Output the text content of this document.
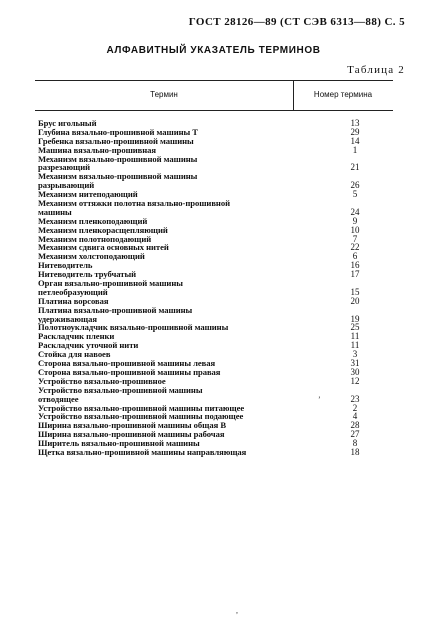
ГОСТ 28126—89 (СТ СЭВ 6313—88) С. 5
АЛФАВИТНЫЙ УКАЗАТЕЛЬ ТЕРМИНОВ
Таблица 2
Термин	Номер термина
Брус игольный	13
Глубина вязально-прошивной машины T	29
Гребенка вязально-прошивной машины	14
Машина вязально-прошивная	1
Механизм вязально-прошивной машины
разрезающий	21
Механизм вязально-прошивной машины
разрывающий	26
Механизм нитеподающий	5
Механизм оттяжки полотна вязально-прошивной
машины	24
Механизм пленкоподающий	9
Механизм пленкорасщепляющий	10
Механизм полотноподающий	7
Механизм сдвига основных нитей	22
Механизм холстоподающий	6
Нитеводитель	16
Нитеводитель трубчатый	17
Орган вязально-прошивной машины
петлеобразующий	15
Платина ворсовая	20
Платина вязально-прошивной машины
удерживающая	19
Полотноукладчик вязально-прошивной машины	25
Раскладчик пленки	11
Раскладчик уточной нити	11
Стойка для навоев	3
Сторона вязально-прошивной машины левая	31
Сторона вязально-прошивной машины правая	30
Устройство вязально-прошивное	12
Устройство вязально-прошивной машины
отводящее	23
Устройство вязально-прошивной машины питающее	2
Устройство вязально-прошивной машины подающее	4
Ширина вязально-прошивной машины общая B	28
Ширина вязально-прошивной машины рабочая	27
Ширитель вязально-прошивной машины	8
Щетка вязально-прошивной машины направляющая	18
ʼ
,
